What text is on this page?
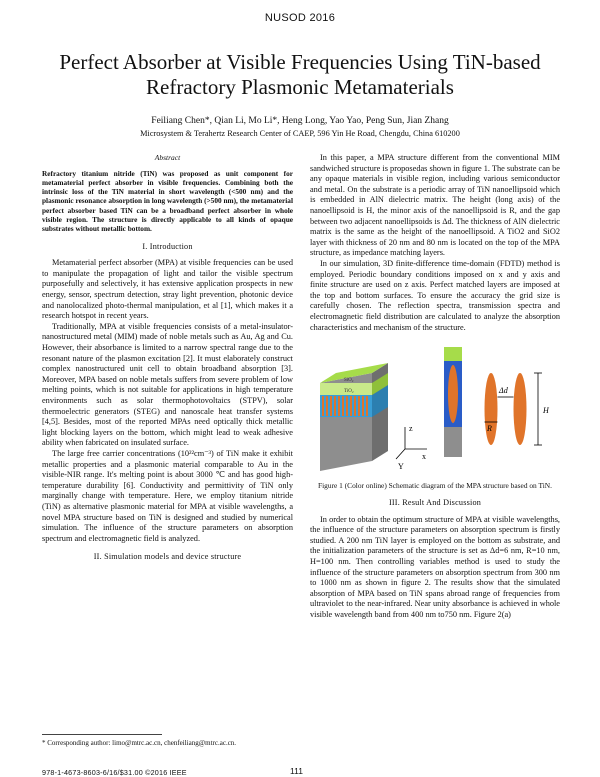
NUSOD 2016
Perfect Absorber at Visible Frequencies Using TiN-based Refractory Plasmonic Metamaterials
Feiliang Chen*, Qian Li, Mo Li*, Heng Long, Yao Yao, Peng Sun, Jian Zhang
Microsystem & Terahertz Research Center of CAEP, 596 Yin He Road, Chengdu, China 610200

Abstract

Refractory titanium nitride (TiN) was proposed as unit component for metamaterial perfect absorber in visible frequencies. Combining both the intrinsic loss of the TiN material in short wavelength (<500 nm) and the plasmonic resonance absorption in long wavelength (>500 nm), the metamaterial perfect absorber based TiN can be a broadband perfect absorber in whole visible region. The structure is directly applicable to all kinds of opaque substrates without metallic bottom.

I. Introduction

Metamaterial perfect absorber (MPA) at visible frequencies can be used to manipulate the propagation of light and tailor the visible spectrum purposefully and selectively, it has extensive application prospects in new energy, sensor, spectrum detection, stray light prevention, photonic device and nanolocalized photo-thermal manipulation, et al [1], which makes it a research hotspot in recent years.

Traditionally, MPA at visible frequencies consists of a metal-insulator-nanostructured metal (MIM) made of noble metals such as Au, Ag and Cu. However, their absorbance is limited to a narrow spectral range due to the resonant nature of the plasmon excitation [2]. It must elaborately construct complex nanostructured unit cell to obtain broadband absorption [3]. Moreover, MPA based on noble metals suffers from severe problem of low melting points, which is not suitable for applications in high temperature environments such as solar thermophotovoltaics (STPV), solar thermoelectric generators (STEG) and nanoscale heat transfer systems [4,5]. Besides, most of the reported MPAs need optically thick metallic light blocking layers on the bottom, which might lead to weak adhesive ability when fabricated on insulated surface.

The large free carrier concentrations (10²²cm⁻³) of TiN make it exhibit metallic properties and a plasmonic material comparable to Au in the visible-NIR range. It's melting point is about 3000 ℃ and has good high-temperature durability [6]. Conductivity and permittivity of TiN only marginally change with temperature. Here, we employ titanium nitride (TiN) as alternative plasmonic material for MPA at visible wavelengths, a novel MPA structure based on TiN is designed and studied by numerical simulation. The influence of the structure parameters on absorption spectrum and electromagnetic field is analyzed.

II. Simulation models and device structure

In this paper, a MPA structure different from the conventional MIM sandwiched structure is proposedas shown in figure 1. The substrate can be any opaque materials in visible region, including various semiconductor and metal. On the substrate is a periodic array of TiN nanoellipsoid which is embedded in AlN dielectric matrix. The height (long axis) of the nanoellipsoid is H, the minor axis of the nanoellipsoid is R, and the gap between two adjacent nanoellipsoids is Δd. The thickness of AlN dielectric matrix is the same as the height of the nanoellipsoid. A TiO2 and SiO2 layer with thickness of 20 nm and 80 nm is located on the top of the MPA structure, as impedance matching layers.

In our simulation, 3D finite-difference time-domain (FDTD) method is employed. Periodic boundary conditions imposed on x and y axis and finite structure are used on z axis. Perfect matched layers are imposed at the top and bottom surfaces. To ensure the accuracy the grid size is carefully chosen. The reflection spectra, transmission spectra and electromagnetic field distribution are calculated to analyze the absorption characteristics and mechanism of the structure.

SiO₂
TiO₂
z
x
Y
Δd
R
H

Figure 1 (Color online) Schematic diagram of the MPA structure based on TiN.

III. Result And Discussion

In order to obtain the optimum structure of MPA at visible wavelengths, the influence of the structure parameters on absorption spectrum is firstly studied. A 200 nm TiN layer is employed on the bottom as substrate, and the initialization parameters of the structure is set as Δd=6 nm, R=10 nm, H=100 nm. Then controlling variables method is used to study the influence of the structure parameters on absorption spectrum from 300 nm to 1000 nm as shown in figure 2. The results show that the simulated absorption of MPA based on TiN spans abroad range of frequencies from ultraviolet to the near-infrared. Near unity absorbance is achieved in whole visible wavelength band from 400 nm to750 nm. Figure 2(a)

* Corresponding author: limo@mtrc.ac.cn, chenfeiliang@mtrc.ac.cn.
978-1-4673-8603-6/16/$31.00 ©2016 IEEE	111
